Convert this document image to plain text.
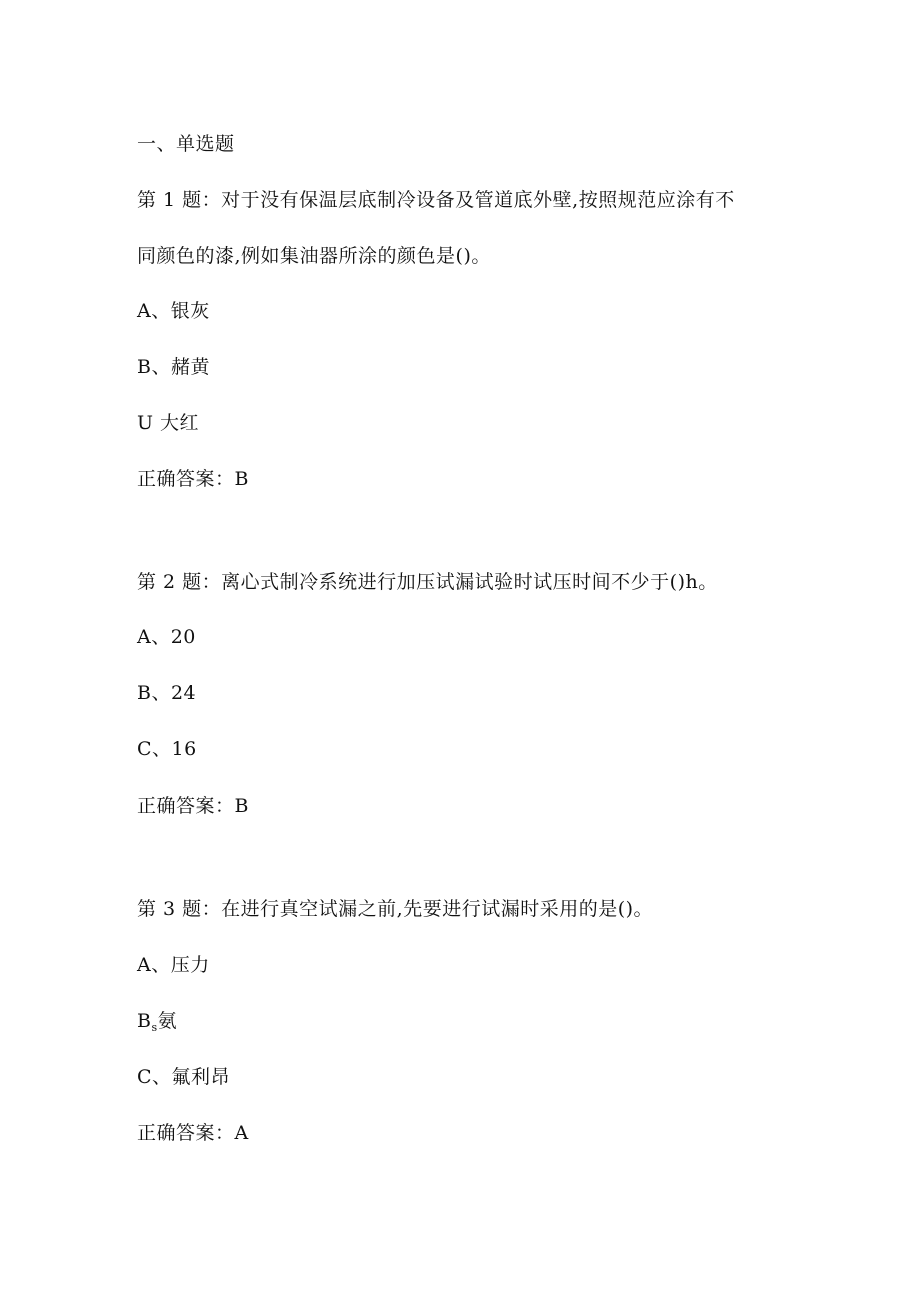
一、单选题
第 1 题：对于没有保温层底制冷设备及管道底外壁,按照规范应涂有不
同颜色的漆,例如集油器所涂的颜色是()。
A、银灰
B、赭黄
U 大红
正确答案：B
第 2 题：离心式制冷系统进行加压试漏试验时试压时间不少于()h。
A、20
B、24
C、16
正确答案：B
第 3 题：在进行真空试漏之前,先要进行试漏时采用的是()。
A、压力
$B_s$氨
C、氟利昂
正确答案：A
